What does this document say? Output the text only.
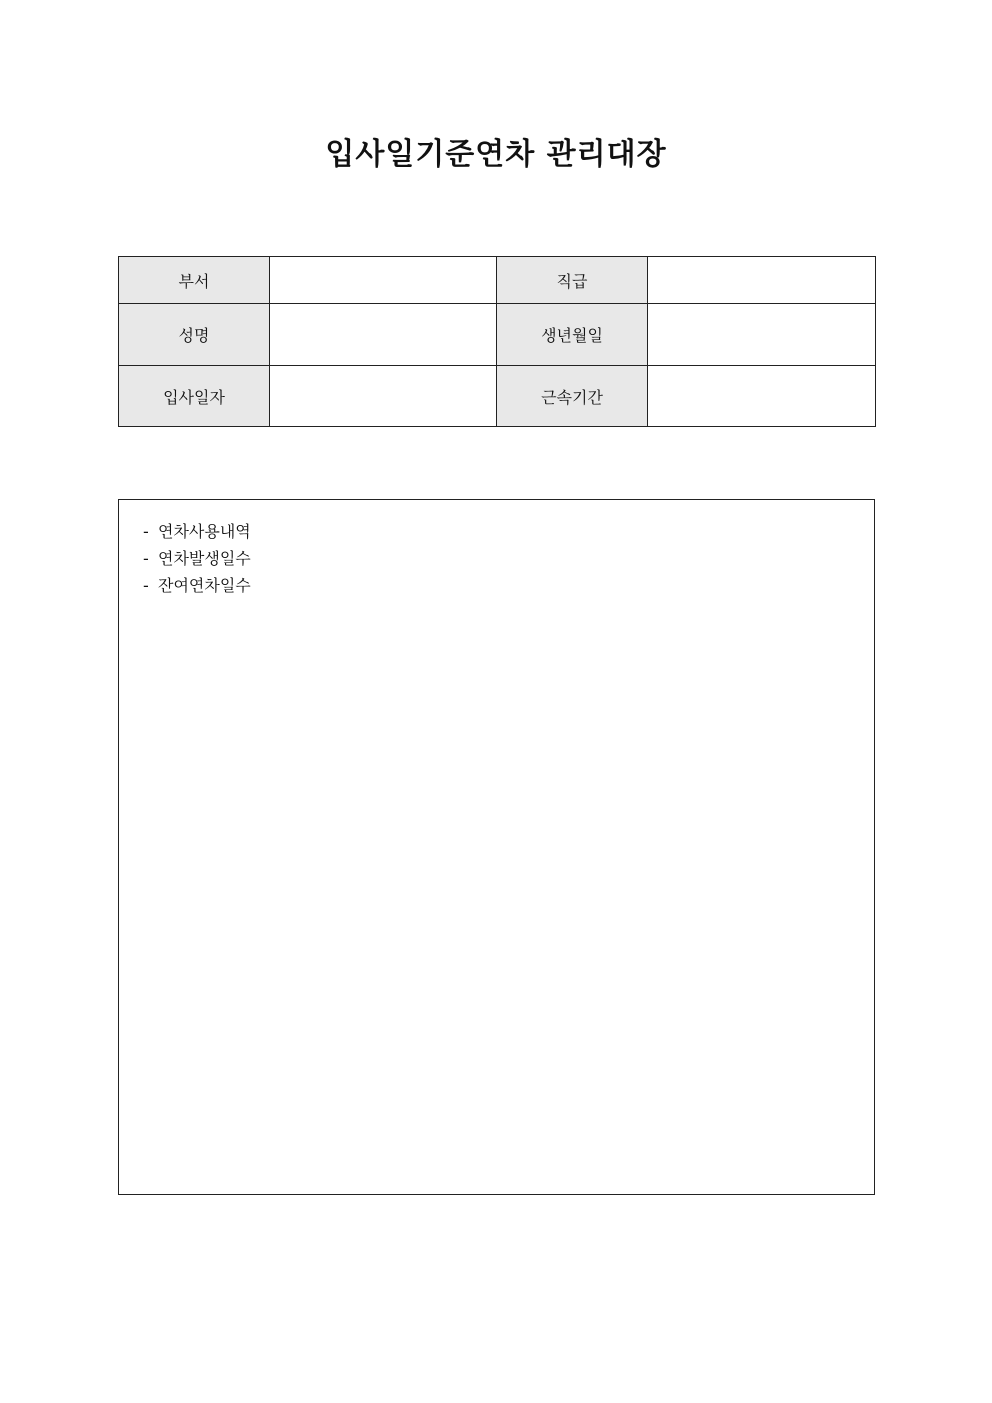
입사일기준연차 관리대장
부서		직급	
성명		생년월일	
입사일자		근속기간	
- 연차사용내역
- 연차발생일수
- 잔여연차일수
